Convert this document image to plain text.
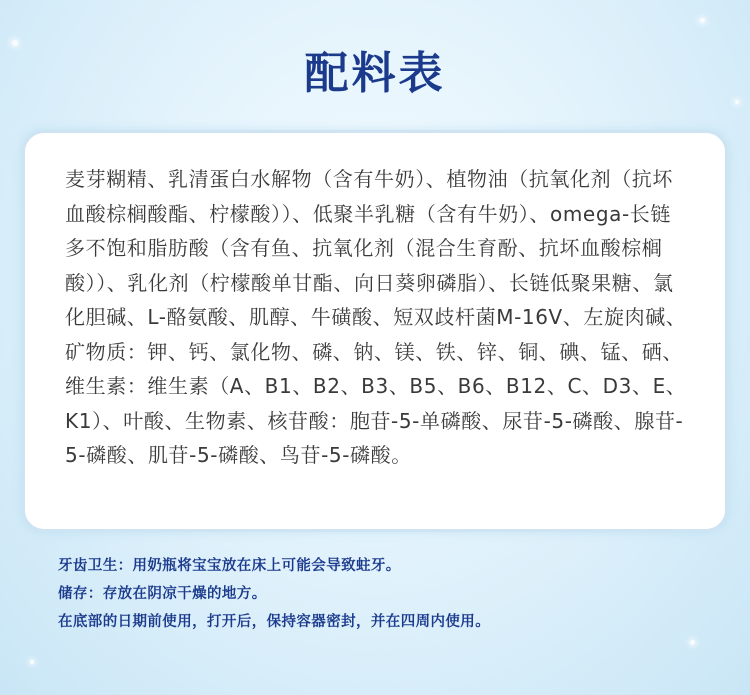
配料表

麦芽糊精、乳清蛋白水解物（含有牛奶）、植物油（抗氧化剂（抗坏血酸棕榈酸酯、柠檬酸））、低聚半乳糖（含有牛奶）、omega-长链多不饱和脂肪酸（含有鱼、抗氧化剂（混合生育酚、抗坏血酸棕榈酸））、乳化剂（柠檬酸单甘酯、向日葵卵磷脂）、长链低聚果糖、氯化胆碱、L-酪氨酸、肌醇、牛磺酸、短双歧杆菌M-16V、左旋肉碱、矿物质：钾、钙、氯化物、磷、钠、镁、铁、锌、铜、碘、锰、硒、维生素：维生素（A、B1、B2、B3、B5、B6、B12、C、D3、E、K1）、叶酸、生物素、核苷酸：胞苷-5-单磷酸、尿苷-5-磷酸、腺苷-5-磷酸、肌苷-5-磷酸、鸟苷-5-磷酸。

牙齿卫生：用奶瓶将宝宝放在床上可能会导致蛀牙。

储存：存放在阴凉干燥的地方。

在底部的日期前使用，打开后，保持容器密封，并在四周内使用。
